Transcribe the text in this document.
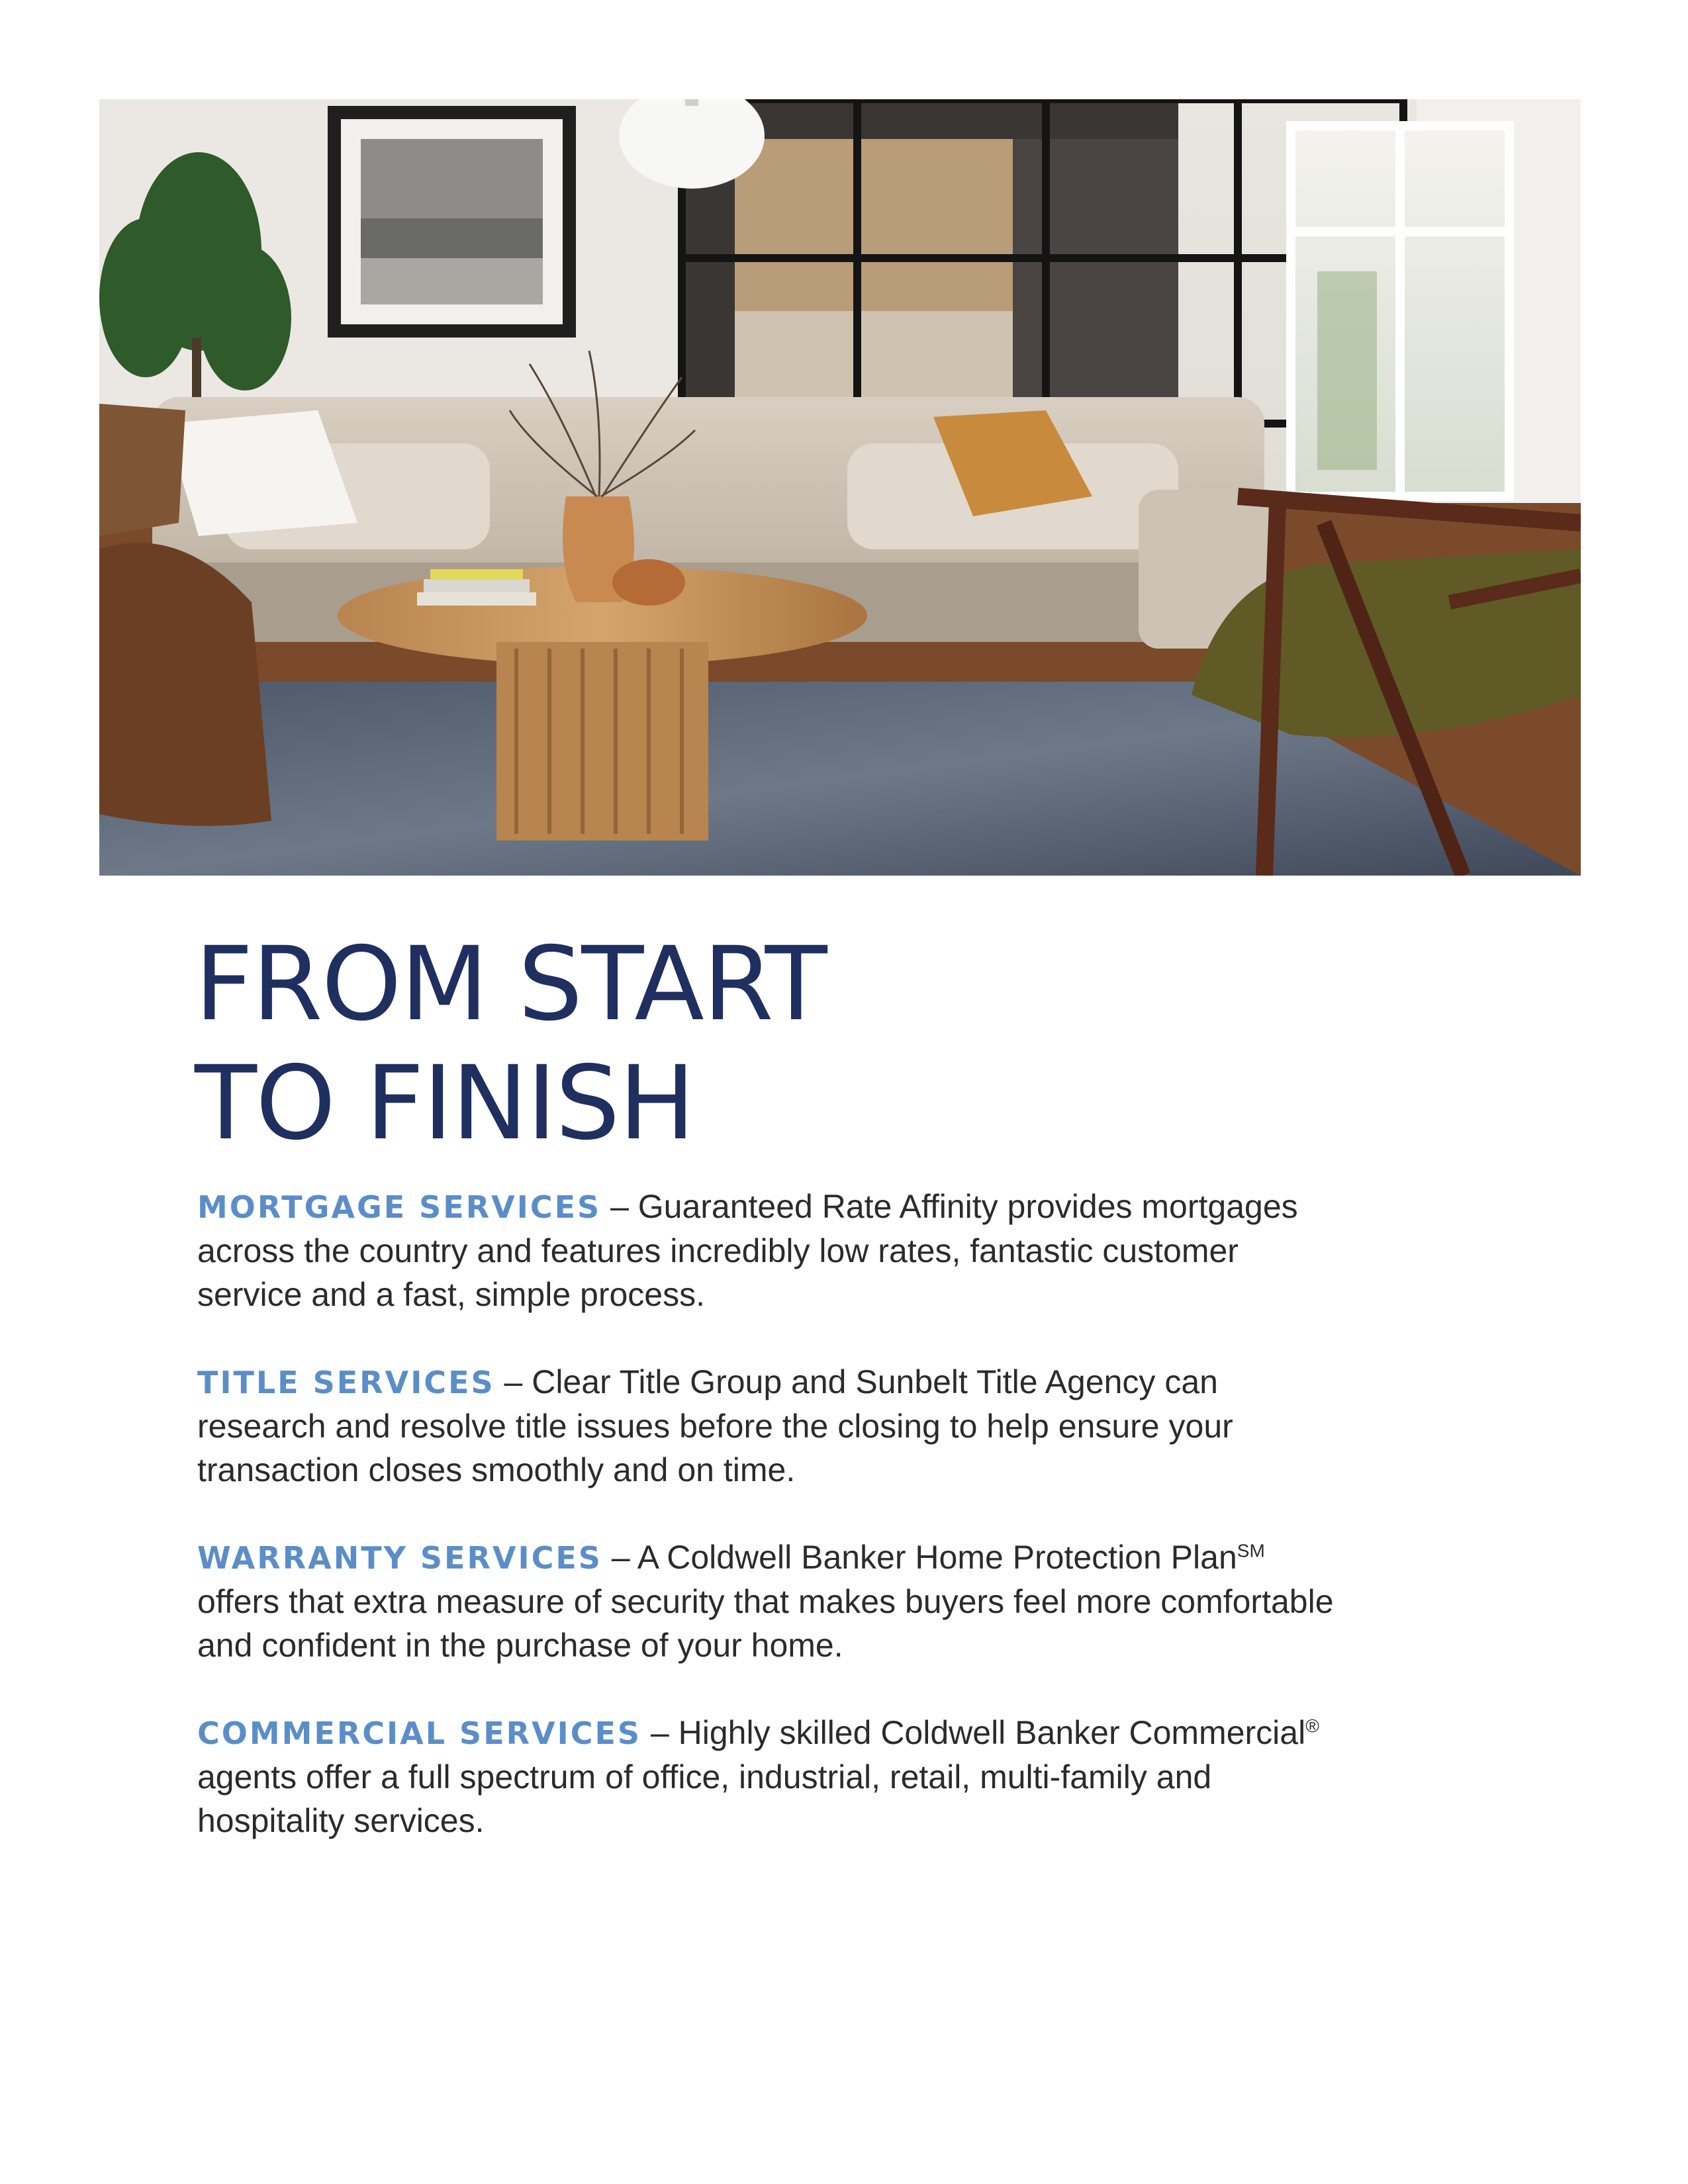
FROM START
TO FINISH

MORTGAGE SERVICES – Guaranteed Rate Affinity provides mortgages across the country and features incredibly low rates, fantastic customer service and a fast, simple process.

TITLE SERVICES – Clear Title Group and Sunbelt Title Agency can research and resolve title issues before the closing to help ensure your transaction closes smoothly and on time.

WARRANTY SERVICES – A Coldwell Banker Home Protection Plan℠ offers that extra measure of security that makes buyers feel more comfortable and confident in the purchase of your home.

COMMERCIAL SERVICES – Highly skilled Coldwell Banker Commercial® agents offer a full spectrum of office, industrial, retail, multi-family and hospitality services.
